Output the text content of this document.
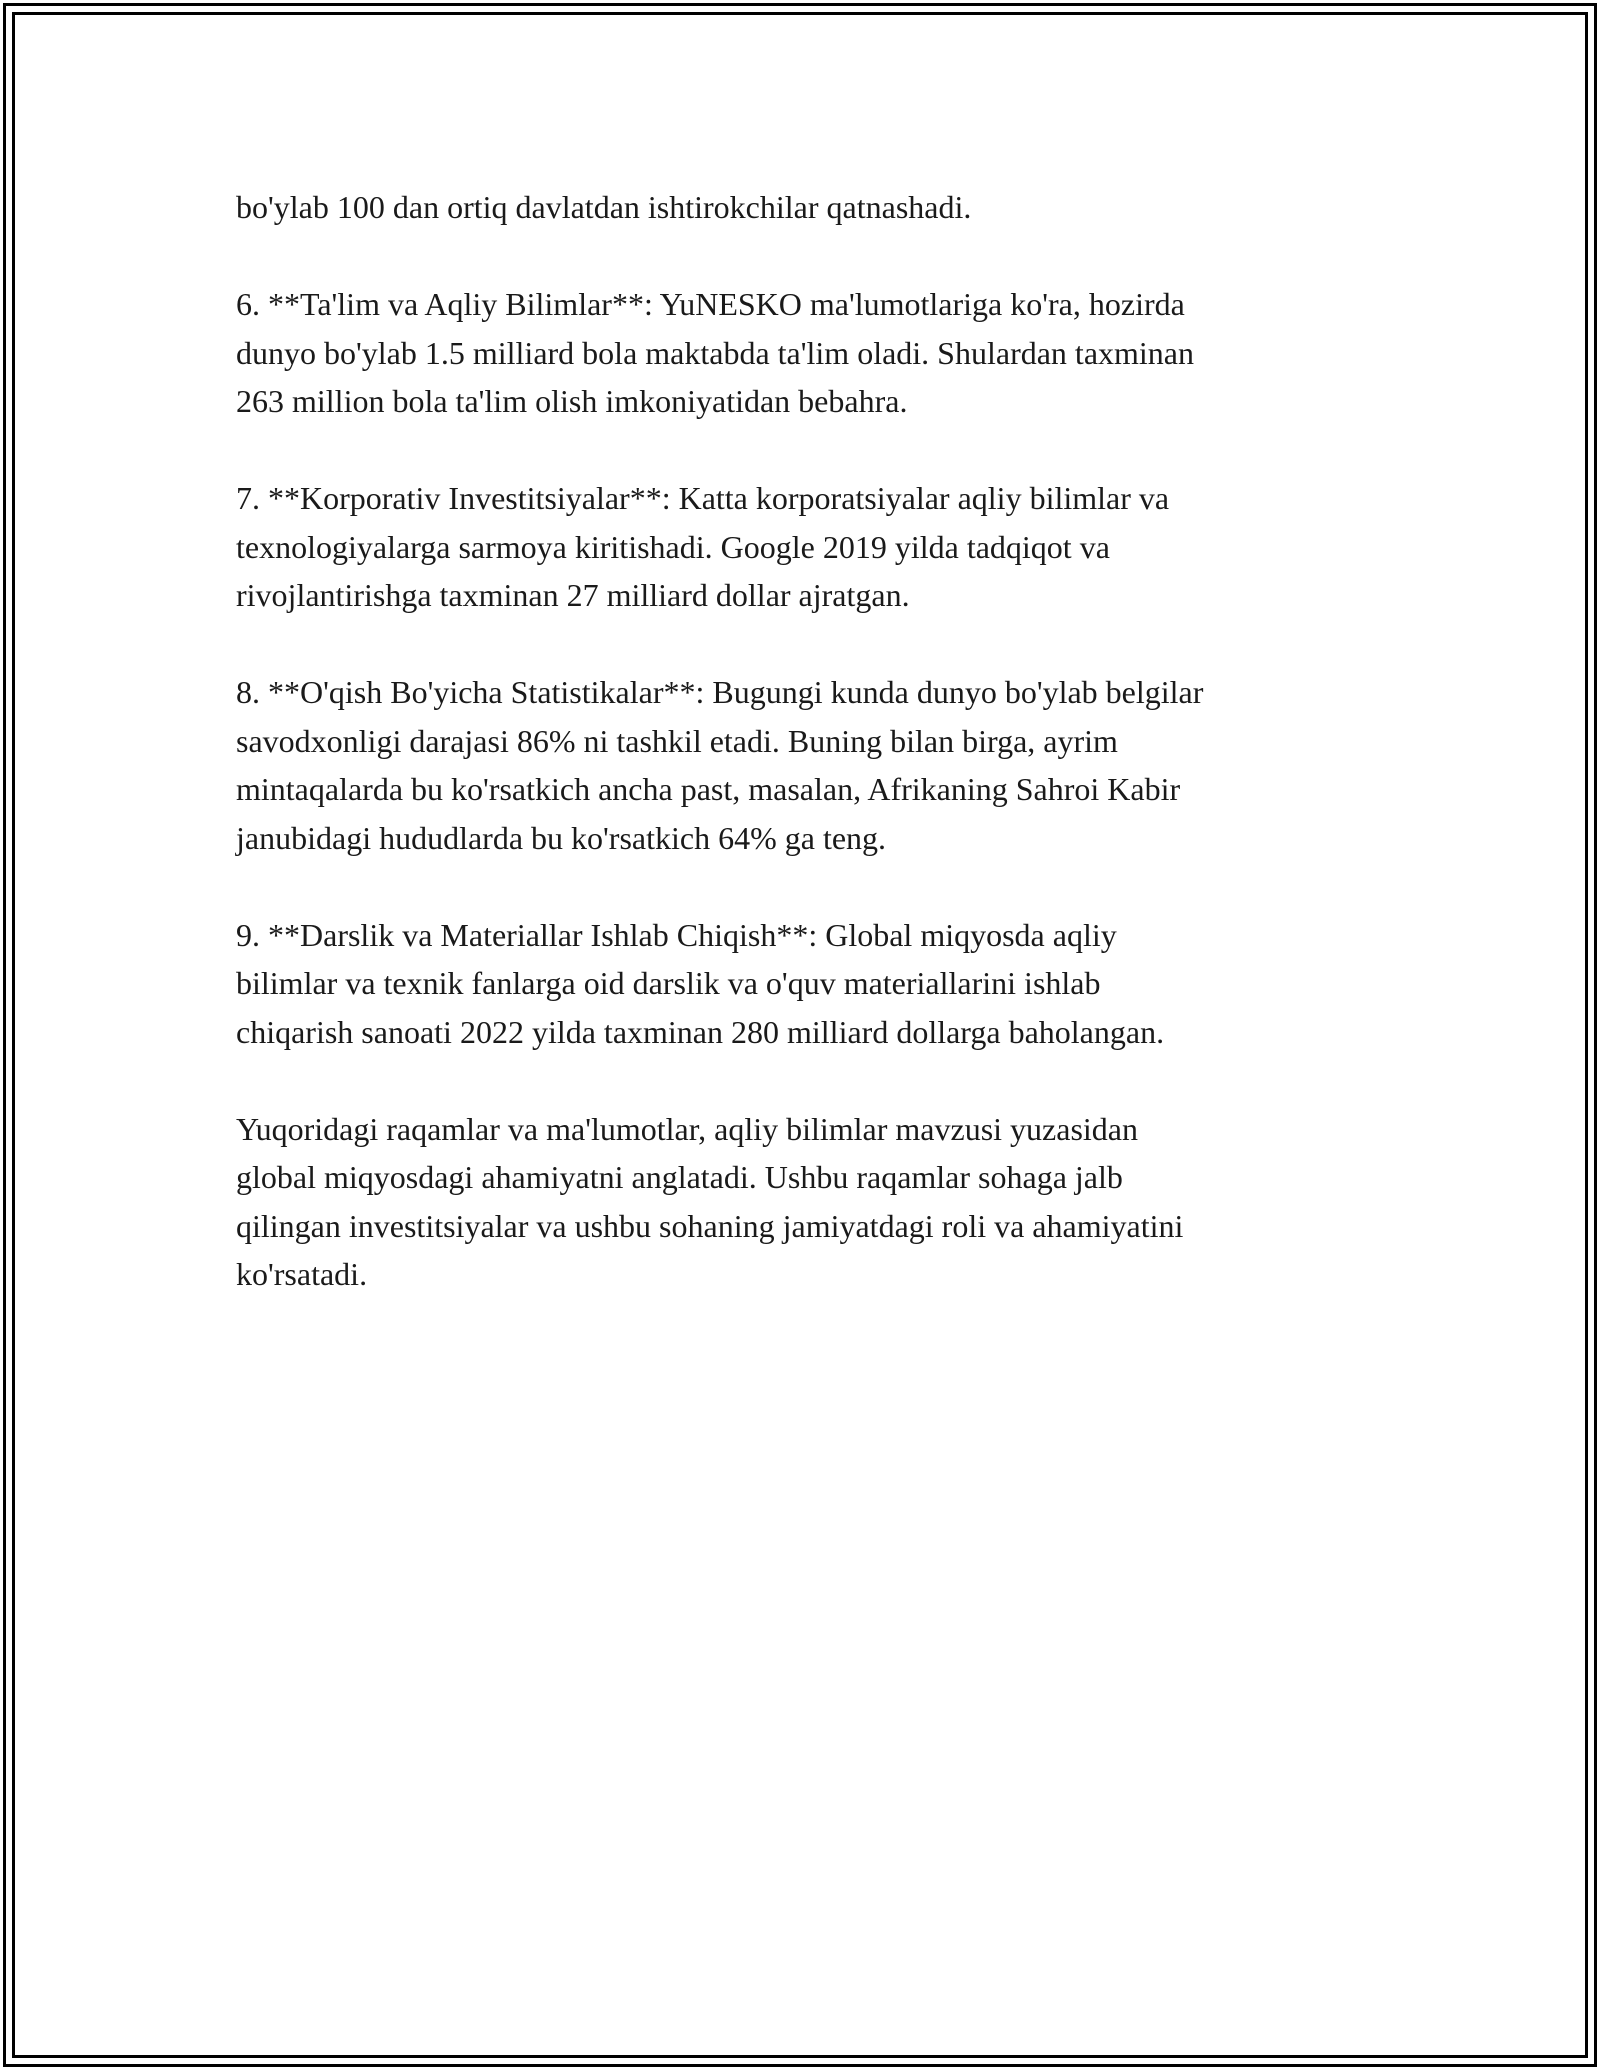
bo'ylab 100 dan ortiq davlatdan ishtirokchilar qatnashadi.

6. **Ta'lim va Aqliy Bilimlar**: YuNESKO ma'lumotlariga ko'ra, hozirda
dunyo bo'ylab 1.5 milliard bola maktabda ta'lim oladi. Shulardan taxminan
263 million bola ta'lim olish imkoniyatidan bebahra.

7. **Korporativ Investitsiyalar**: Katta korporatsiyalar aqliy bilimlar va
texnologiyalarga sarmoya kiritishadi. Google 2019 yilda tadqiqot va
rivojlantirishga taxminan 27 milliard dollar ajratgan.

8. **O'qish Bo'yicha Statistikalar**: Bugungi kunda dunyo bo'ylab belgilar
savodxonligi darajasi 86% ni tashkil etadi. Buning bilan birga, ayrim
mintaqalarda bu ko'rsatkich ancha past, masalan, Afrikaning Sahroi Kabir
janubidagi hududlarda bu ko'rsatkich 64% ga teng.

9. **Darslik va Materiallar Ishlab Chiqish**: Global miqyosda aqliy
bilimlar va texnik fanlarga oid darslik va o'quv materiallarini ishlab
chiqarish sanoati 2022 yilda taxminan 280 milliard dollarga baholangan.

Yuqoridagi raqamlar va ma'lumotlar, aqliy bilimlar mavzusi yuzasidan
global miqyosdagi ahamiyatni anglatadi. Ushbu raqamlar sohaga jalb
qilingan investitsiyalar va ushbu sohaning jamiyatdagi roli va ahamiyatini
ko'rsatadi.
